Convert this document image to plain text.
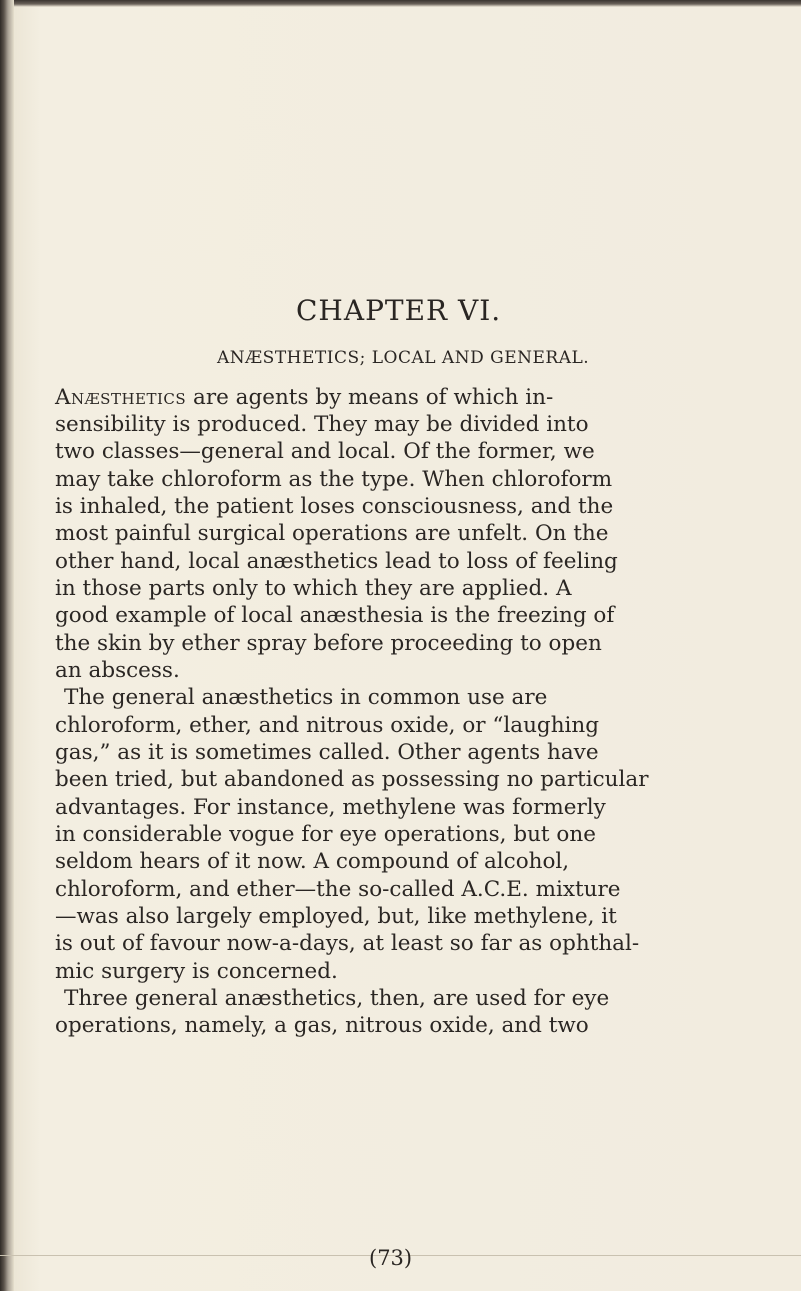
CHAPTER VI.
ANÆSTHETICS; LOCAL AND GENERAL.
Anæsthetics are agents by means of which in-
sensibility is produced. They may be divided into
two classes—general and local. Of the former, we
may take chloroform as the type. When chloroform
is inhaled, the patient loses consciousness, and the
most painful surgical operations are unfelt. On the
other hand, local anæsthetics lead to loss of feeling
in those parts only to which they are applied. A
good example of local anæsthesia is the freezing of
the skin by ether spray before proceeding to open
an abscess.
The general anæsthetics in common use are
chloroform, ether, and nitrous oxide, or “laughing
gas,” as it is sometimes called. Other agents have
been tried, but abandoned as possessing no particular
advantages. For instance, methylene was formerly
in considerable vogue for eye operations, but one
seldom hears of it now. A compound of alcohol,
chloroform, and ether—the so-called A.C.E. mixture
—was also largely employed, but, like methylene, it
is out of favour now-a-days, at least so far as ophthal-
mic surgery is concerned.
Three general anæsthetics, then, are used for eye
operations, namely, a gas, nitrous oxide, and two
(73)
